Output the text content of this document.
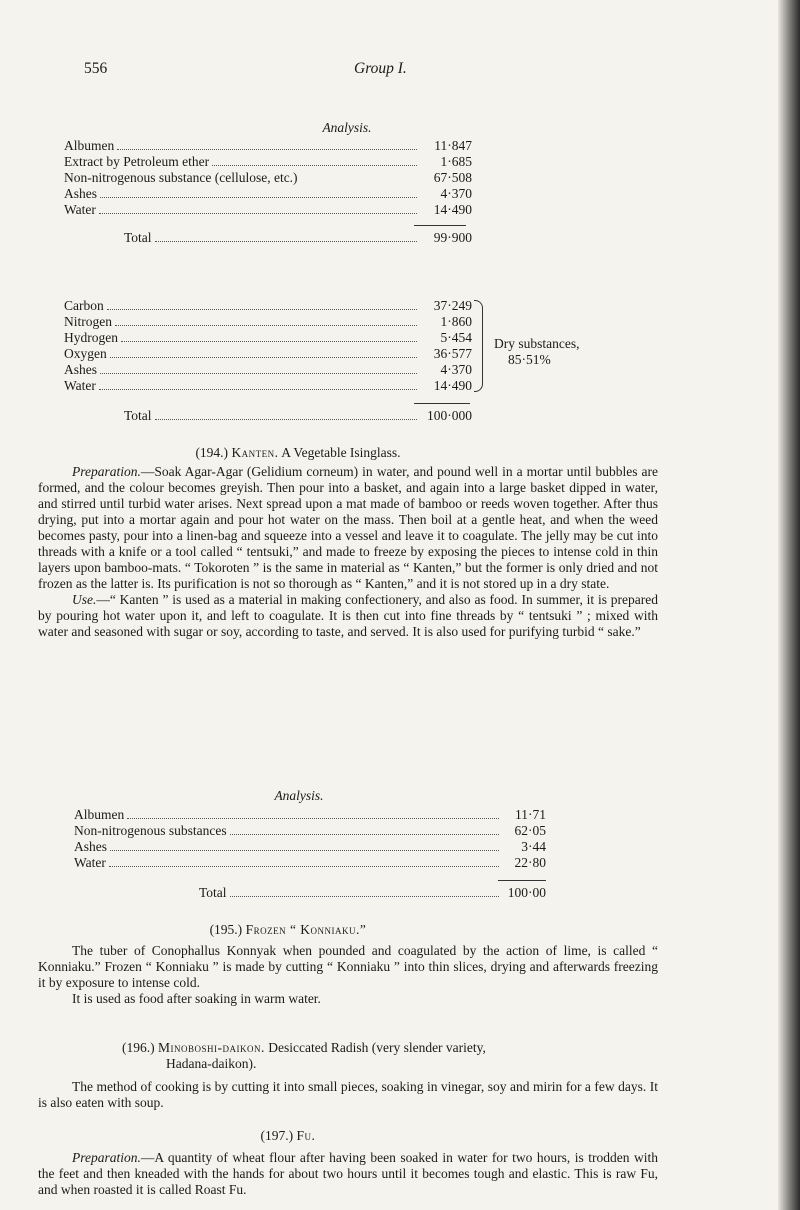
556	Group I.

Analysis.

Albumen	11·847
Extract by Petroleum ether	1·685
Non-nitrogenous substance (cellulose, etc.)	67·508
Ashes	4·370
Water	14·490
Total	99·900
Carbon	37·249
Nitrogen	1·860
Hydrogen	5·454
Oxygen	36·577
Ashes	4·370
Water	14·490
Total	100·000
Dry substances,
85·51%

(194.) Kanten. A Vegetable Isinglass.

Preparation.—Soak Agar-Agar (Gelidium corneum) in water, and pound well in a mortar until bubbles are formed, and the colour becomes greyish. Then pour into a basket, and again into a large basket dipped in water, and stirred until turbid water arises. Next spread upon a mat made of bamboo or reeds woven together. After thus drying, put into a mortar again and pour hot water on the mass. Then boil at a gentle heat, and when the weed becomes pasty, pour into a linen-bag and squeeze into a vessel and leave it to coagulate. The jelly may be cut into threads with a knife or a tool called “ tentsuki,” and made to freeze by exposing the pieces to intense cold in thin layers upon bamboo-mats. “ Tokoroten ” is the same in material as “ Kanten,” but the former is only dried and not frozen as the latter is. Its purification is not so thorough as “ Kanten,” and it is not stored up in a dry state.

Use.—“ Kanten ” is used as a material in making confectionery, and also as food. In summer, it is prepared by pouring hot water upon it, and left to coagulate. It is then cut into fine threads by “ tentsuki ” ; mixed with water and seasoned with sugar or soy, according to taste, and served. It is also used for purifying turbid “ sake.”

Analysis.

Albumen	11·71
Non-nitrogenous substances	62·05
Ashes	3·44
Water	22·80
Total	100·00

(195.) Frozen “ Konniaku.”

The tuber of Conophallus Konnyak when pounded and coagulated by the action of lime, is called “ Konniaku.” Frozen “ Konniaku ” is made by cutting “ Konniaku ” into thin slices, drying and afterwards freezing it by exposure to intense cold.

It is used as food after soaking in warm water.

(196.) Minoboshi-daikon. Desiccated Radish (very slender variety,

Hadana-daikon).

The method of cooking is by cutting it into small pieces, soaking in vinegar, soy and mirin for a few days. It is also eaten with soup.

(197.) Fu.

Preparation.—A quantity of wheat flour after having been soaked in water for two hours, is trodden with the feet and then kneaded with the hands for about two hours until it becomes tough and elastic. This is raw Fu, and when roasted it is called Roast Fu.
